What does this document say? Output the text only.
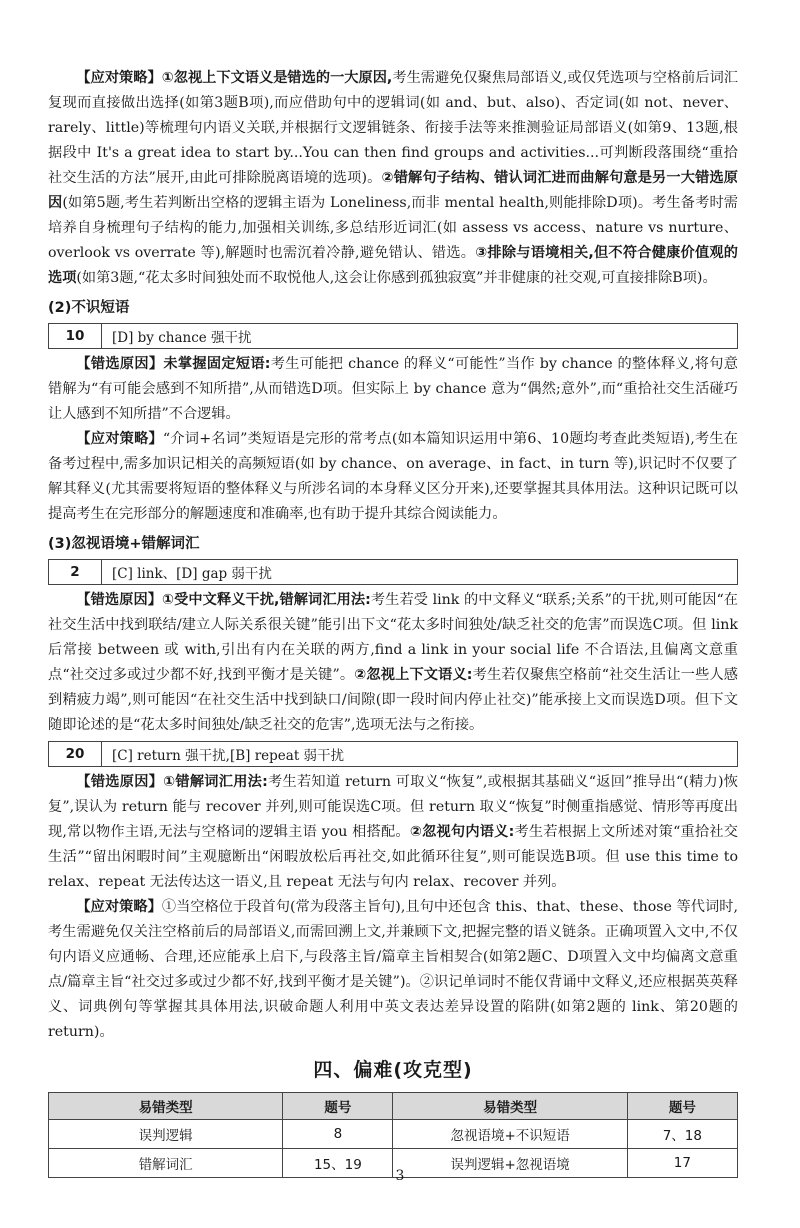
【应对策略】①忽视上下文语义是错选的一大原因,考生需避免仅聚焦局部语义,或仅凭选项与空格前后词汇复现而直接做出选择(如第3题B项),而应借助句中的逻辑词(如 and、but、also)、否定词(如 not、never、rarely、little)等梳理句内语义关联,并根据行文逻辑链条、衔接手法等来推测验证局部语义(如第9、13题,根据段中 It's a great idea to start by...You can then find groups and activities...可判断段落围绕“重拾社交生活的方法”展开,由此可排除脱离语境的选项)。②错解句子结构、错认词汇进而曲解句意是另一大错选原因(如第5题,考生若判断出空格的逻辑主语为 Loneliness,而非 mental health,则能排除D项)。考生备考时需培养自身梳理句子结构的能力,加强相关训练,多总结形近词汇(如 assess vs access、nature vs nurture、overlook vs overrate 等),解题时也需沉着冷静,避免错认、错选。③排除与语境相关,但不符合健康价值观的选项(如第3题,“花太多时间独处而不取悦他人,这会让你感到孤独寂寞”并非健康的社交观,可直接排除B项)。

(2)不识短语
10	[D] by chance 强干扰

【错选原因】未掌握固定短语:考生可能把 chance 的释义“可能性”当作 by chance 的整体释义,将句意错解为“有可能会感到不知所措”,从而错选D项。但实际上 by chance 意为“偶然;意外”,而“重拾社交生活碰巧让人感到不知所措”不合逻辑。

【应对策略】“介词+名词”类短语是完形的常考点(如本篇知识运用中第6、10题均考查此类短语),考生在备考过程中,需多加识记相关的高频短语(如 by chance、on average、in fact、in turn 等),识记时不仅要了解其释义(尤其需要将短语的整体释义与所涉名词的本身释义区分开来),还要掌握其具体用法。这种识记既可以提高考生在完形部分的解题速度和准确率,也有助于提升其综合阅读能力。

(3)忽视语境+错解词汇
2	[C] link、[D] gap 弱干扰

【错选原因】①受中文释义干扰,错解词汇用法:考生若受 link 的中文释义“联系;关系”的干扰,则可能因“在社交生活中找到联结/建立人际关系很关键”能引出下文“花太多时间独处/缺乏社交的危害”而误选C项。但 link 后常接 between 或 with,引出有内在关联的两方,find a link in your social life 不合语法,且偏离文意重点“社交过多或过少都不好,找到平衡才是关键”。②忽视上下文语义:考生若仅聚焦空格前“社交生活让一些人感到精疲力竭”,则可能因“在社交生活中找到缺口/间隙(即一段时间内停止社交)”能承接上文而误选D项。但下文随即论述的是“花太多时间独处/缺乏社交的危害”,选项无法与之衔接。

20	[C] return 强干扰,[B] repeat 弱干扰

【错选原因】①错解词汇用法:考生若知道 return 可取义“恢复”,或根据其基础义“返回”推导出“(精力)恢复”,误认为 return 能与 recover 并列,则可能误选C项。但 return 取义“恢复”时侧重指感觉、情形等再度出现,常以物作主语,无法与空格词的逻辑主语 you 相搭配。②忽视句内语义:考生若根据上文所述对策“重拾社交生活”“留出闲暇时间”主观臆断出“闲暇放松后再社交,如此循环往复”,则可能误选B项。但 use this time to relax、repeat 无法传达这一语义,且 repeat 无法与句内 relax、recover 并列。

【应对策略】①当空格位于段首句(常为段落主旨句),且句中还包含 this、that、these、those 等代词时,考生需避免仅关注空格前后的局部语义,而需回溯上文,并兼顾下文,把握完整的语义链条。正确项置入文中,不仅句内语义应通畅、合理,还应能承上启下,与段落主旨/篇章主旨相契合(如第2题C、D项置入文中均偏离文意重点/篇章主旨“社交过多或过少都不好,找到平衡才是关键”)。②识记单词时不能仅背诵中文释义,还应根据英英释义、词典例句等掌握其具体用法,识破命题人利用中英文表达差异设置的陷阱(如第2题的 link、第20题的 return)。

四、偏难(攻克型)
易错类型	题号	易错类型	题号
误判逻辑	8	忽视语境+不识短语	7、18
错解词汇	15、19	误判逻辑+忽视语境	17
3
